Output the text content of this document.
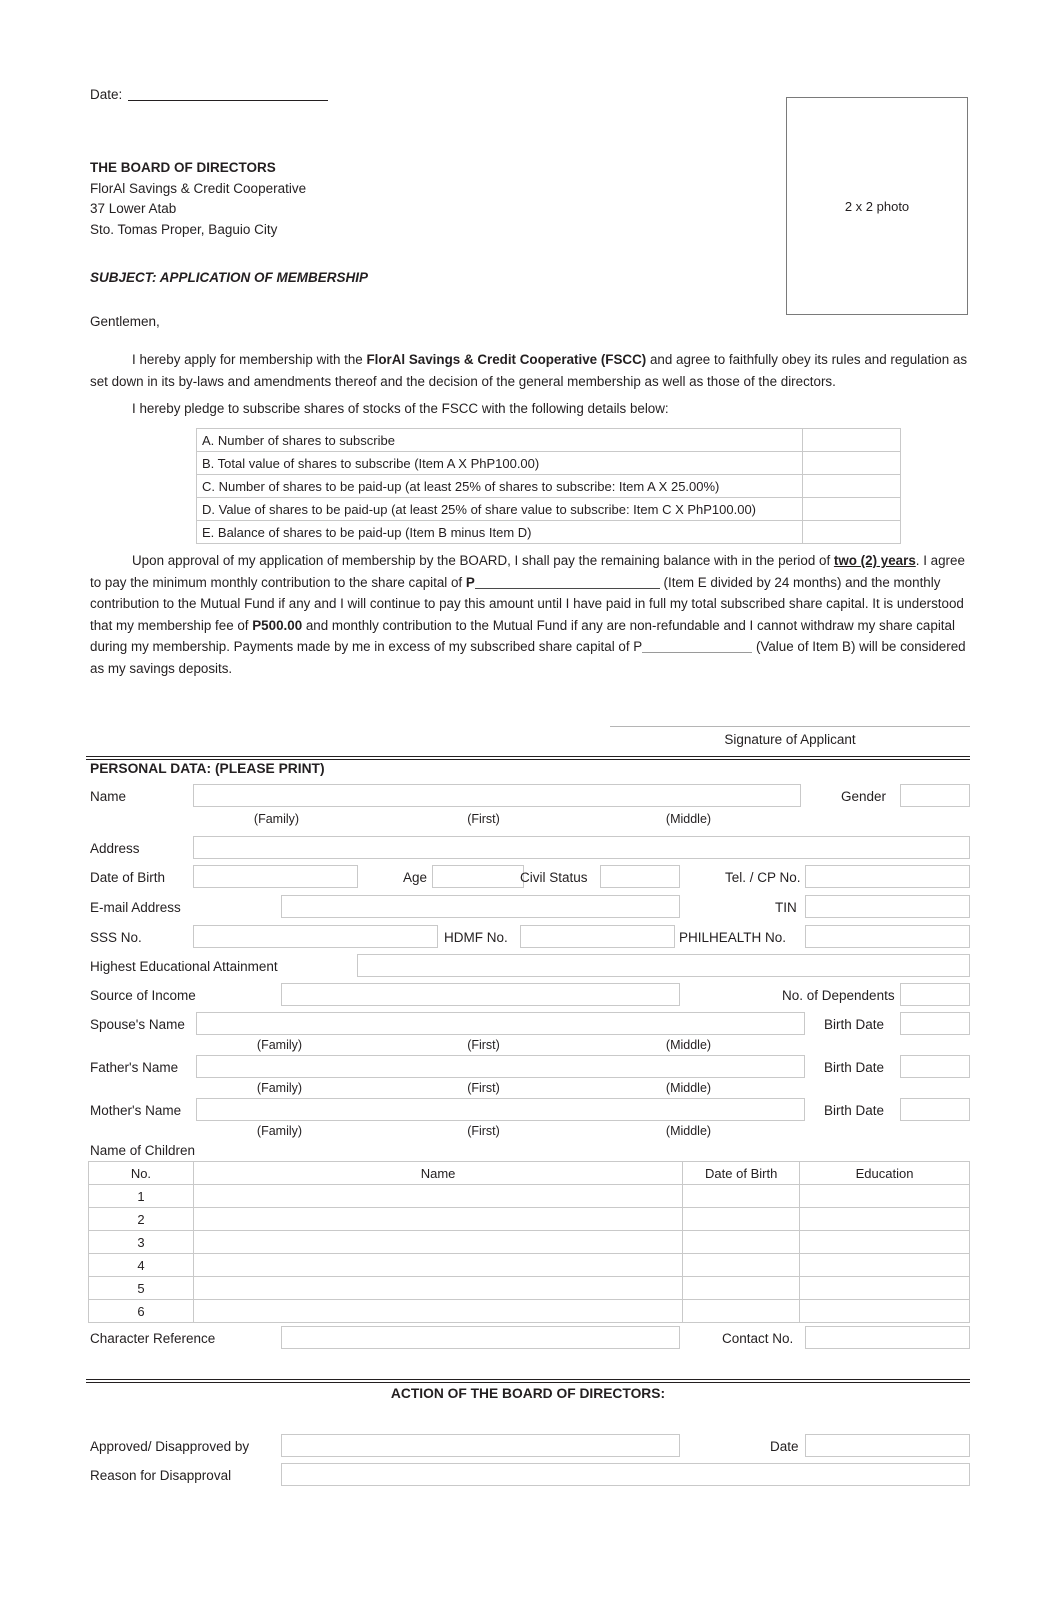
Date:
2 x 2 photo
THE BOARD OF DIRECTORS
FlorAl Savings & Credit Cooperative
37 Lower Atab
Sto. Tomas Proper, Baguio City
SUBJECT: APPLICATION OF MEMBERSHIP
Gentlemen,
I hereby apply for membership with the FlorAl Savings & Credit Cooperative (FSCC) and agree to faithfully obey its rules and regulation as set down in its by-laws and amendments thereof and the decision of the general membership as well as those of the directors.
I hereby pledge to subscribe shares of stocks of the FSCC with the following details below:
A. Number of shares to subscribe	
B. Total value of shares to subscribe (Item A X PhP100.00)	
C. Number of shares to be paid-up (at least 25% of shares to subscribe: Item A X 25.00%)	
D. Value of shares to be paid-up (at least 25% of share value to subscribe: Item C X PhP100.00)	
E. Balance of shares to be paid-up (Item B minus Item D)	
Upon approval of my application of membership by the BOARD, I shall pay the remaining balance with in the period of two (2) years. I agree to pay the minimum monthly contribution to the share capital of P	(Item E divided by 24 months) and the monthly contribution to the Mutual Fund if any and I will continue to pay this amount until I have paid in full my total subscribed share capital. It is understood that my membership fee of P500.00 and monthly contribution to the Mutual Fund if any are non-refundable and I cannot withdraw my share capital during my membership. Payments made by me in excess of my subscribed share capital of P	(Value of Item B) will be considered as my savings deposits.
Signature of Applicant
PERSONAL DATA: (PLEASE PRINT)
Name	Gender
(Family)	(First)	(Middle)
Address
Date of Birth	Age	Civil Status	Tel. / CP No.
E-mail Address	TIN
SSS No.	HDMF No.	PHILHEALTH No.
Highest Educational Attainment
Source of Income	No. of Dependents
Spouse's Name	Birth Date
(Family)	(First)	(Middle)
Father's Name	Birth Date
(Family)	(First)	(Middle)
Mother's Name	Birth Date
(Family)	(First)	(Middle)
Name of Children
No.	Name	Date of Birth	Education
1			
2			
3			
4			
5			
6			
Character Reference	Contact No.
ACTION OF THE BOARD OF DIRECTORS:
Approved/ Disapproved by	Date
Reason for Disapproval
